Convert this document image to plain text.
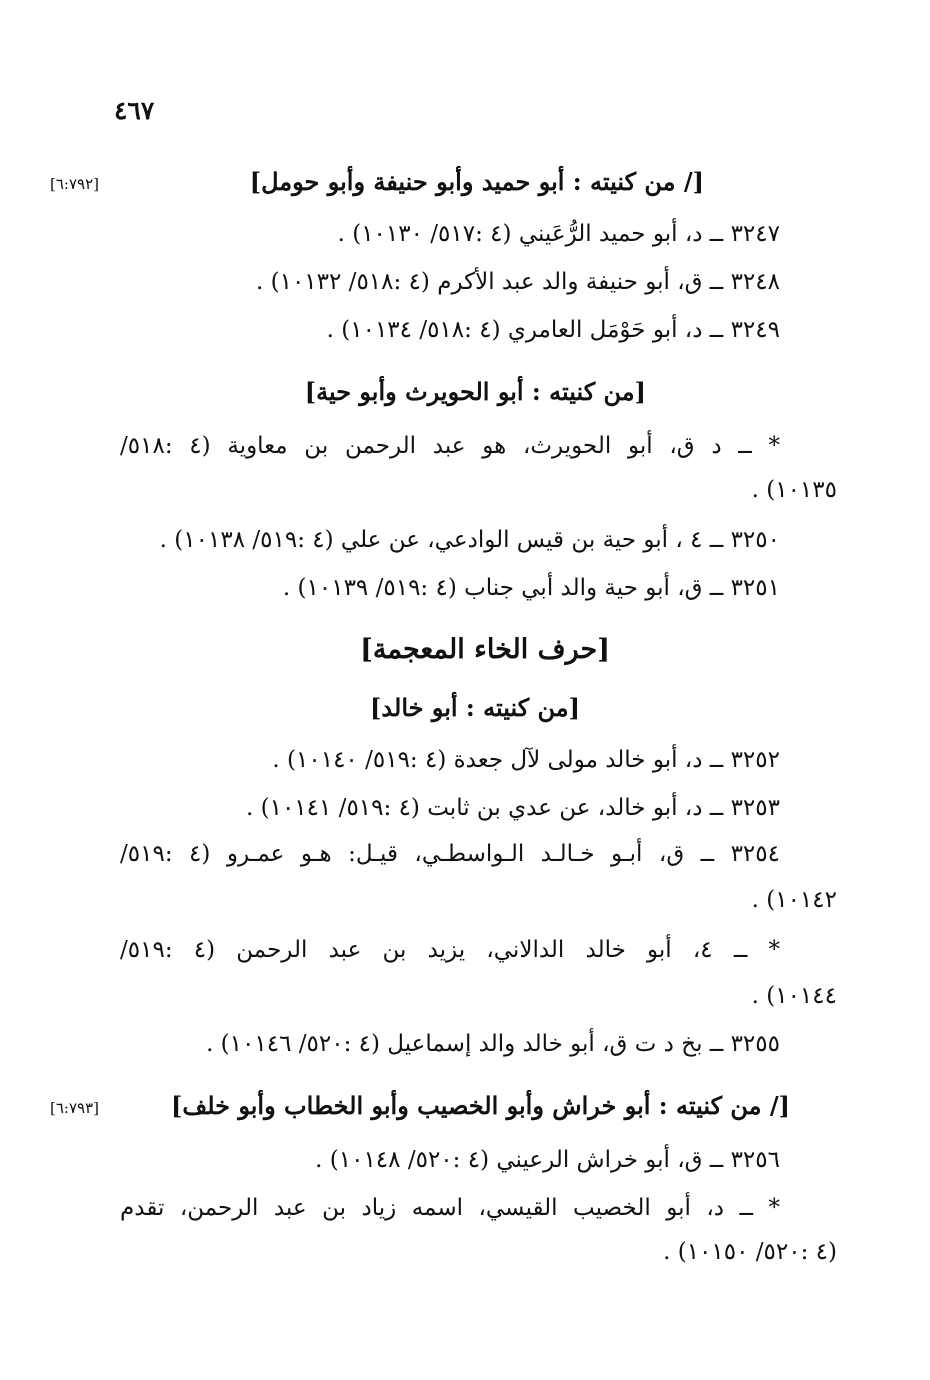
٤٦٧
[/ من كنيته : أبو حميد وأبو حنيفة وأبو حومل]
[٦:٧٩٢]
٣٢٤٧ ــ د، أبو حميد الرُّعَيني (٤ :٥١٧/ ١٠١٣٠) .
٣٢٤٨ ــ ق، أبو حنيفة والد عبد الأكرم (٤ :٥١٨/ ١٠١٣٢) .
٣٢٤٩ ــ د، أبو حَوْمَل العامري (٤ :٥١٨/ ١٠١٣٤) .
[من كنيته : أبو الحويرث وأبو حية]
* ــ د ق، أبو الحويرث، هو عبد الرحمن بن معاوية (٤ :٥١٨/
١٠١٣٥) .
٣٢٥٠ ــ ٤ ، أبو حية بن قيس الوادعي، عن علي (٤ :٥١٩/ ١٠١٣٨) .
٣٢٥١ ــ ق، أبو حية والد أبي جناب (٤ :٥١٩/ ١٠١٣٩) .
[حرف الخاء المعجمة]
[من كنيته : أبو خالد]
٣٢٥٢ ــ د، أبو خالد مولى لآل جعدة (٤ :٥١٩/ ١٠١٤٠) .
٣٢٥٣ ــ د، أبو خالد، عن عدي بن ثابت (٤ :٥١٩/ ١٠١٤١) .
٣٢٥٤ ــ ق، أبـو خـالـد الـواسطـي، قيـل: هـو عمـرو (٤ :٥١٩/
١٠١٤٢) .
* ــ ٤، أبو خالد الدالاني، يزيد بن عبد الرحمن (٤ :٥١٩/
١٠١٤٤) .
٣٢٥٥ ــ بخ د ت ق، أبو خالد والد إسماعيل (٤ :٥٢٠/ ١٠١٤٦) .
[/ من كنيته : أبو خراش وأبو الخصيب وأبو الخطاب وأبو خلف]
[٦:٧٩٣]
٣٢٥٦ ــ ق، أبو خراش الرعيني (٤ :٥٢٠/ ١٠١٤٨) .
* ــ د، أبو الخصيب القيسي، اسمه زياد بن عبد الرحمن، تقدم
(٤ :٥٢٠/ ١٠١٥٠) .
